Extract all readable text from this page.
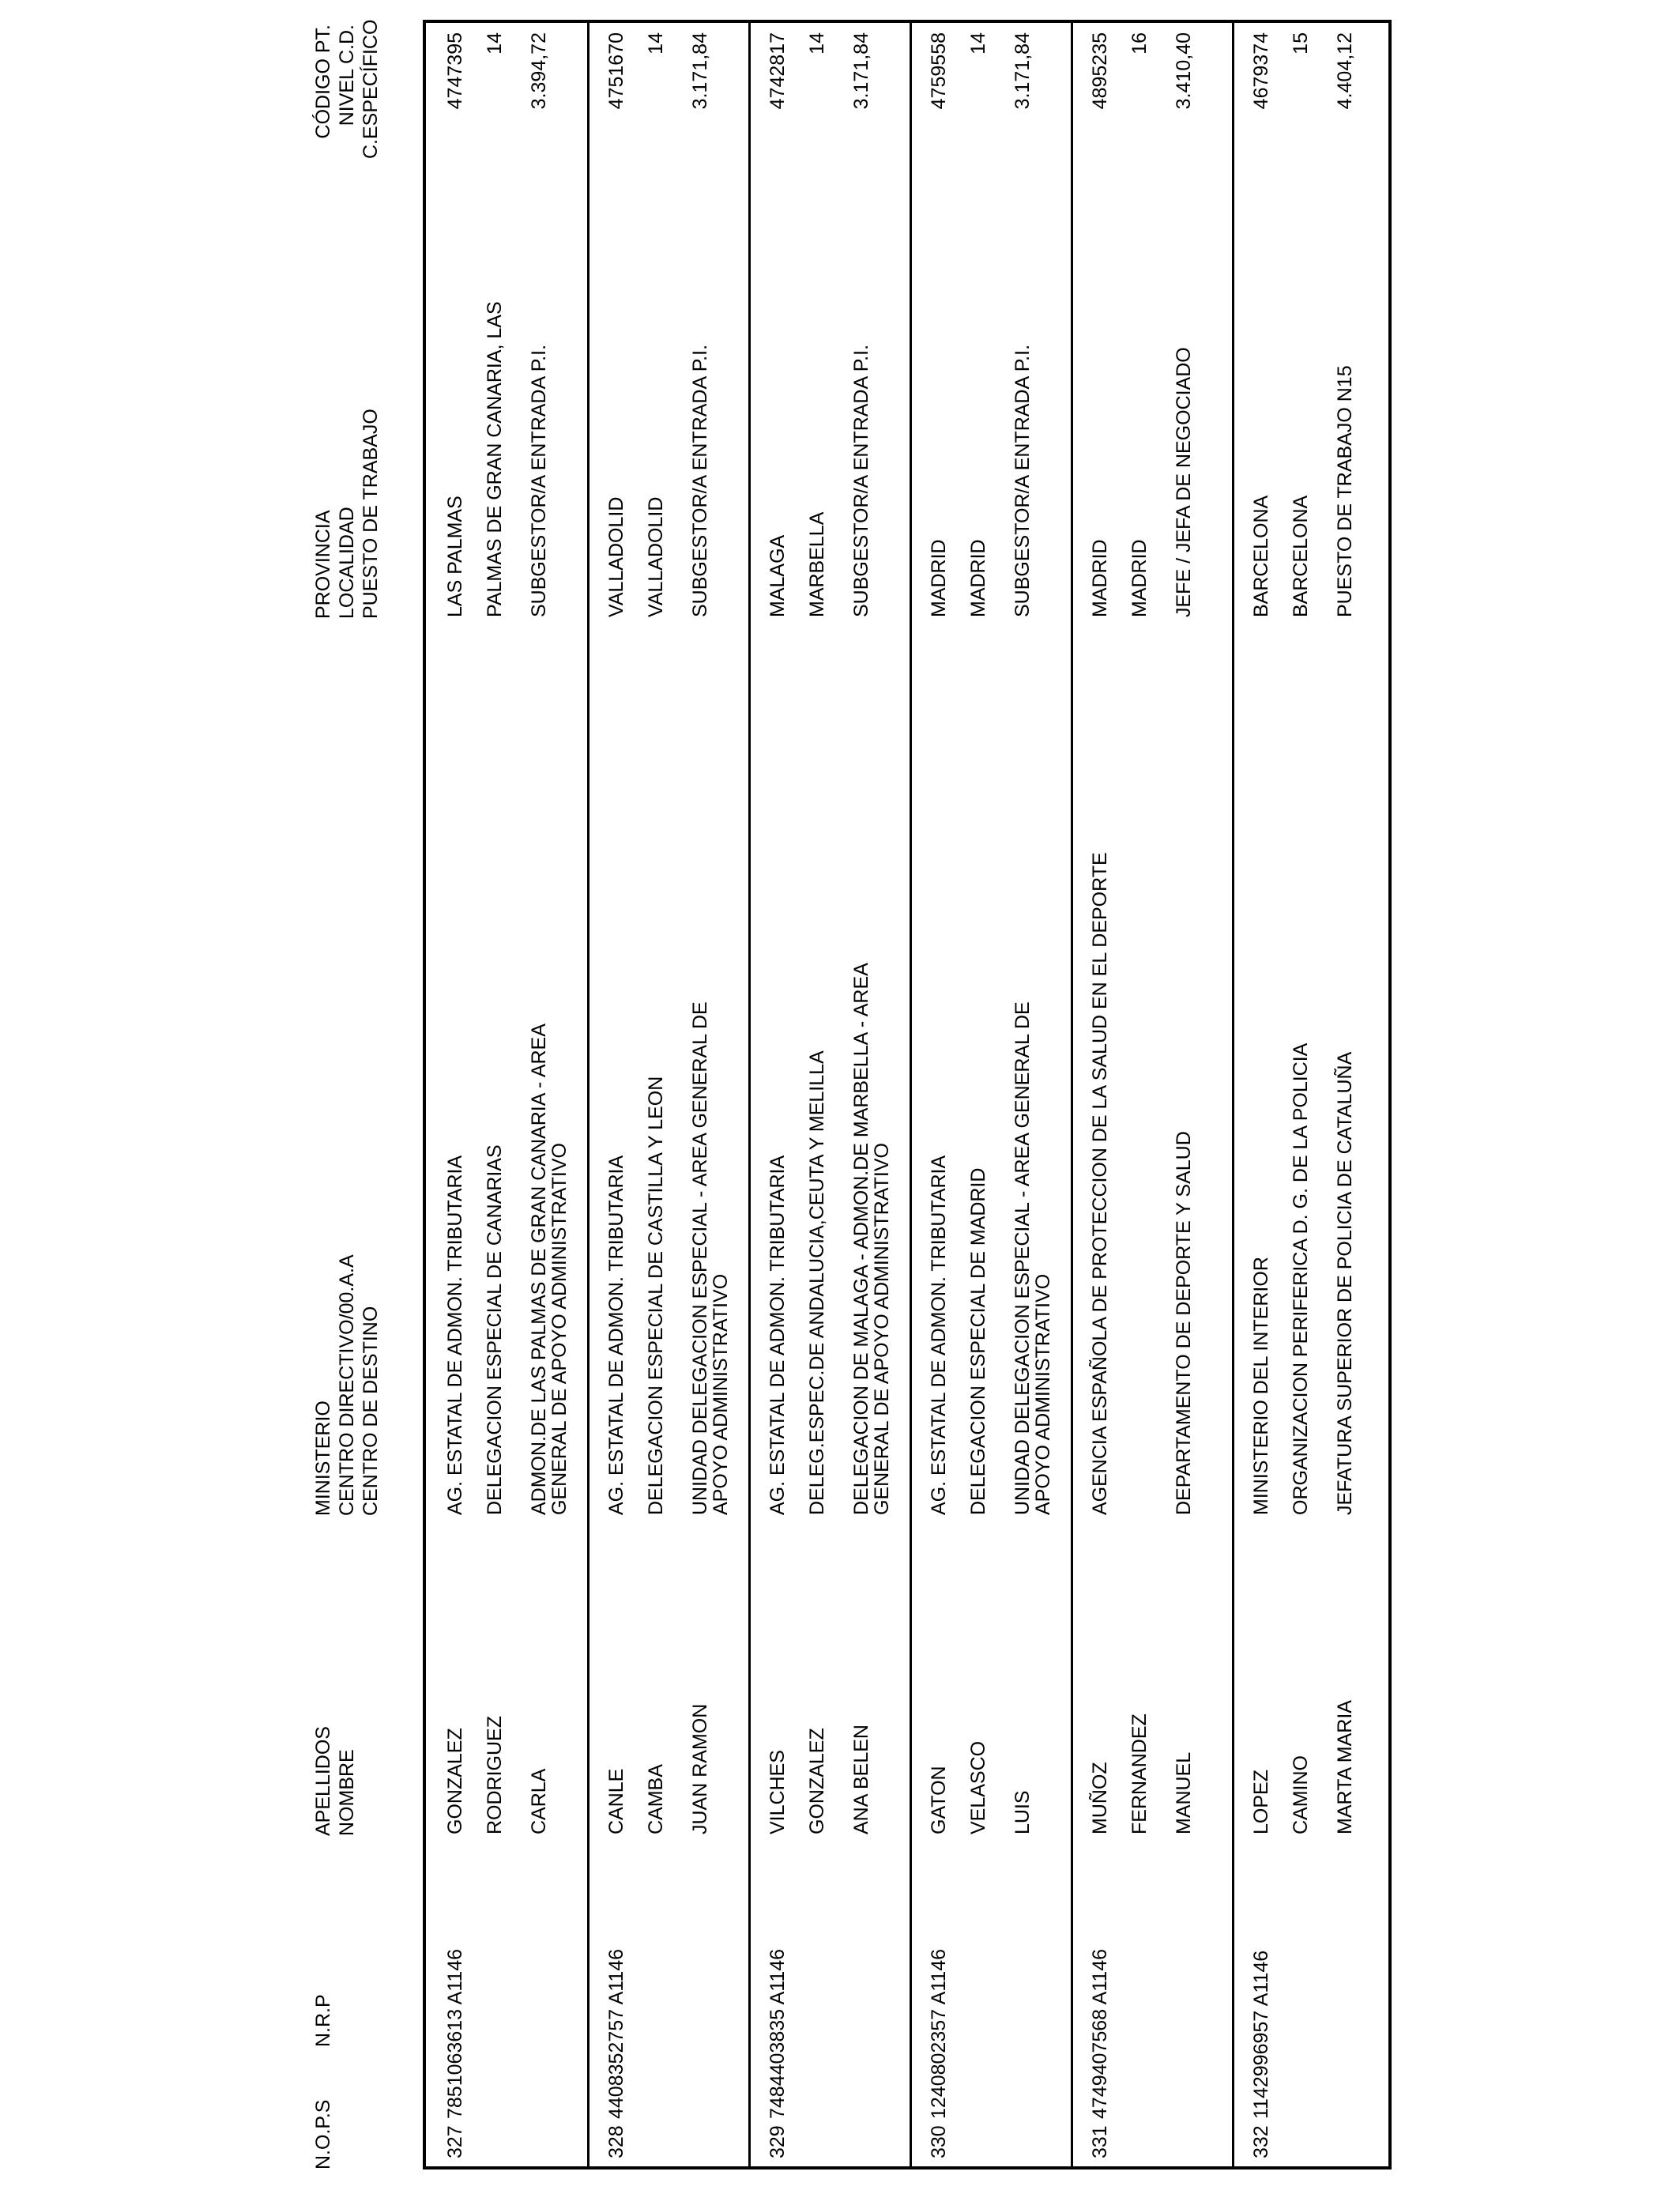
N.O.P.S
N.R.P
APELLIDOS NOMBRE
MINISTERIO CENTRO DIRECTIVO/00.A.A CENTRO DE DESTINO
PROVINCIA LOCALIDAD PUESTO DE TRABAJO
CÓDIGO PT. NIVEL C.D. C.ESPECÍFICO
327
7851063613 A1146
GONZALEZ RODRIGUEZ CARLA
AG. ESTATAL DE ADMON. TRIBUTARIA DELEGACION ESPECIAL DE CANARIAS ADMON.DE LAS PALMAS DE GRAN CANARIA - AREA GENERAL DE APOYO ADMINISTRATIVO
LAS PALMAS PALMAS DE GRAN CANARIA, LAS SUBGESTOR/A ENTRADA P.I.
4747395 14 3.394,72
328
4408352757 A1146
CANLE CAMBA JUAN RAMON
AG. ESTATAL DE ADMON. TRIBUTARIA DELEGACION ESPECIAL DE CASTILLA Y LEON UNIDAD DELEGACION ESPECIAL - AREA GENERAL DE APOYO ADMINISTRATIVO
VALLADOLID VALLADOLID SUBGESTOR/A ENTRADA P.I.
4751670 14 3.171,84
329
7484403835 A1146
VILCHES GONZALEZ ANA BELEN
AG. ESTATAL DE ADMON. TRIBUTARIA DELEG.ESPEC.DE ANDALUCIA,CEUTA Y MELILLA DELEGACION DE MALAGA - ADMON.DE MARBELLA - AREA GENERAL DE APOYO ADMINISTRATIVO
MALAGA MARBELLA SUBGESTOR/A ENTRADA P.I.
4742817 14 3.171,84
330
1240802357 A1146
GATON VELASCO LUIS
AG. ESTATAL DE ADMON. TRIBUTARIA DELEGACION ESPECIAL DE MADRID UNIDAD DELEGACION ESPECIAL - AREA GENERAL DE APOYO ADMINISTRATIVO
MADRID MADRID SUBGESTOR/A ENTRADA P.I.
4759558 14 3.171,84
331
4749407568 A1146
MUÑOZ FERNANDEZ MANUEL
AGENCIA ESPAÑOLA DE PROTECCION DE LA SALUD EN EL DEPORTE	DEPARTAMENTO DE DEPORTE Y SALUD
MADRID MADRID JEFE / JEFA DE NEGOCIADO
4895235 16 3.410,40
332
1142996957 A1146
LOPEZ CAMINO MARTA MARIA
MINISTERIO DEL INTERIOR ORGANIZACION PERIFERICA D. G. DE LA POLICIA JEFATURA SUPERIOR DE POLICIA DE CATALUÑA
BARCELONA BARCELONA PUESTO DE TRABAJO N15
4679374 15 4.404,12
